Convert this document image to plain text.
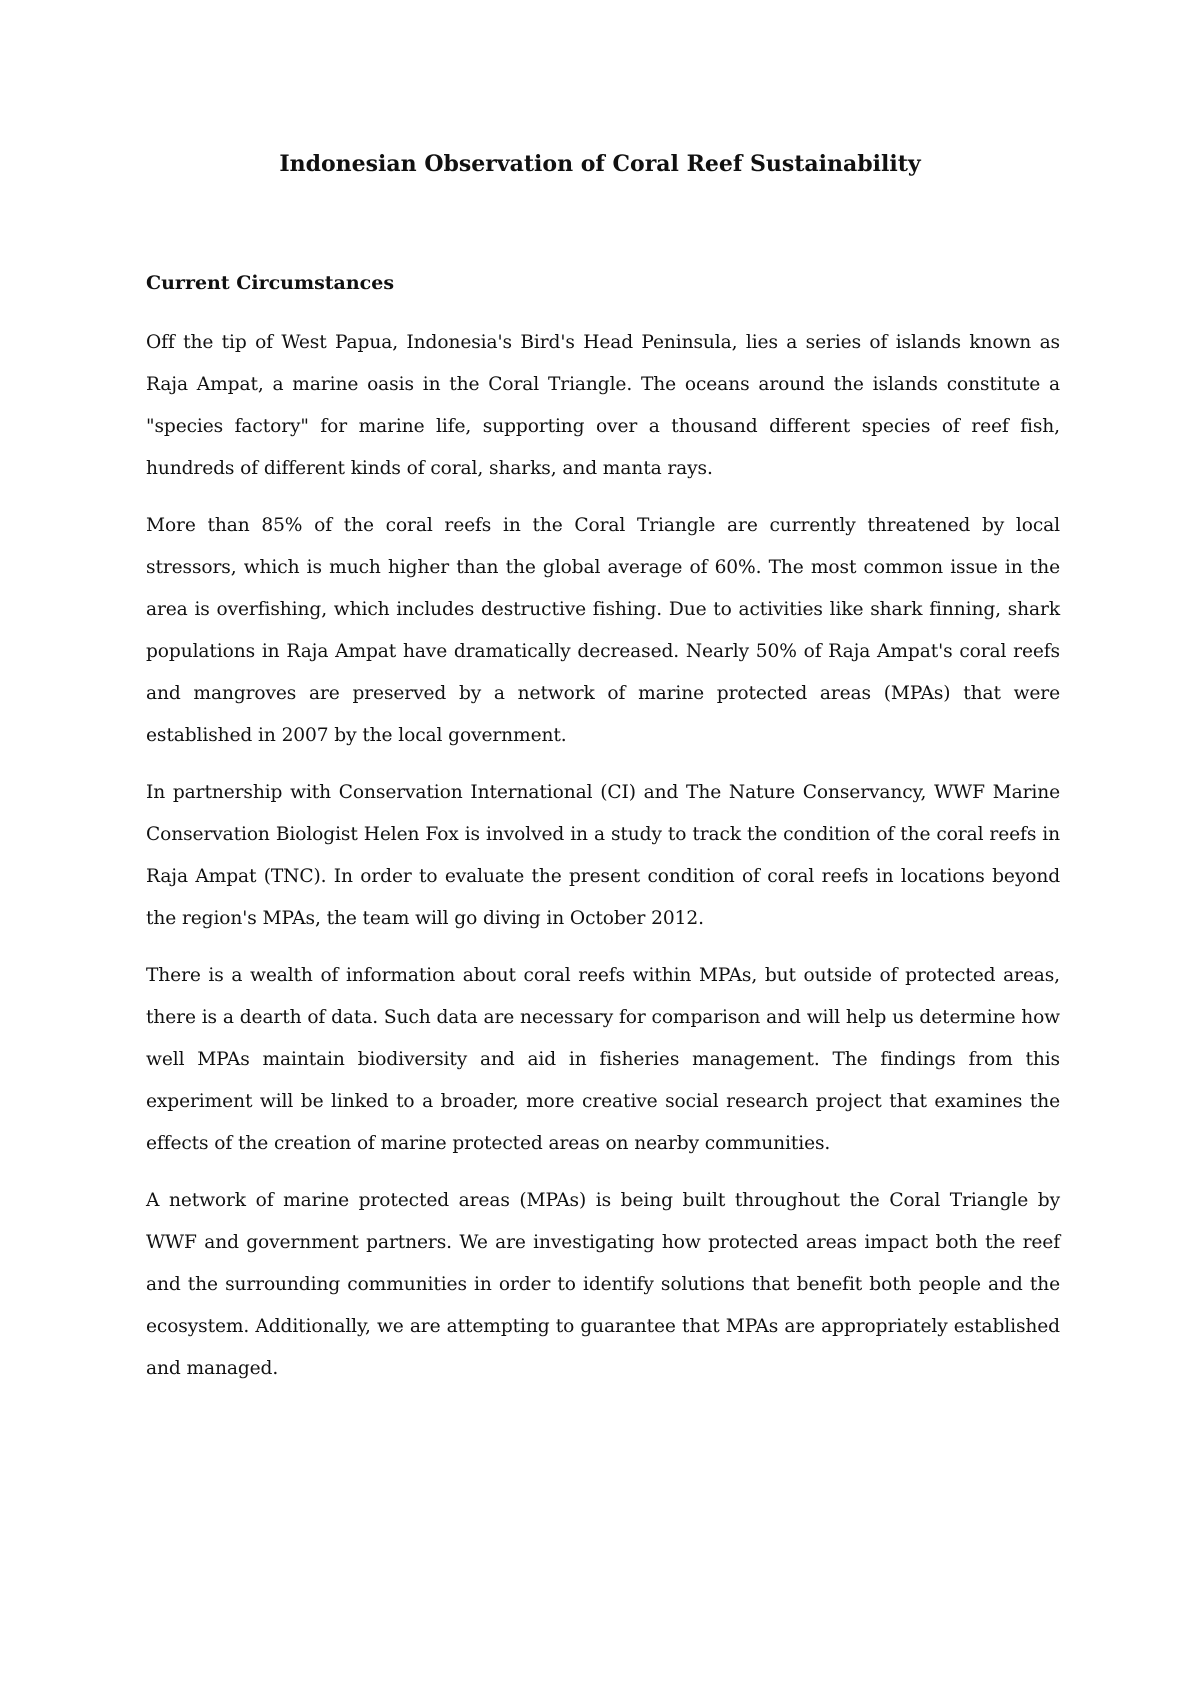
Indonesian Observation of Coral Reef Sustainability
Current Circumstances

Off the tip of West Papua, Indonesia's Bird's Head Peninsula, lies a series of islands known as Raja Ampat, a marine oasis in the Coral Triangle. The oceans around the islands constitute a "species factory" for marine life, supporting over a thousand different species of reef fish, hundreds of different kinds of coral, sharks, and manta rays.

More than 85% of the coral reefs in the Coral Triangle are currently threatened by local stressors, which is much higher than the global average of 60%. The most common issue in the area is overfishing, which includes destructive fishing. Due to activities like shark finning, shark populations in Raja Ampat have dramatically decreased. Nearly 50% of Raja Ampat's coral reefs and mangroves are preserved by a network of marine protected areas (MPAs) that were established in 2007 by the local government.

In partnership with Conservation International (CI) and The Nature Conservancy, WWF Marine Conservation Biologist Helen Fox is involved in a study to track the condition of the coral reefs in Raja Ampat (TNC). In order to evaluate the present condition of coral reefs in locations beyond the region's MPAs, the team will go diving in October 2012.

There is a wealth of information about coral reefs within MPAs, but outside of protected areas, there is a dearth of data. Such data are necessary for comparison and will help us determine how well MPAs maintain biodiversity and aid in fisheries management. The findings from this experiment will be linked to a broader, more creative social research project that examines the effects of the creation of marine protected areas on nearby communities.

A network of marine protected areas (MPAs) is being built throughout the Coral Triangle by WWF and government partners. We are investigating how protected areas impact both the reef and the surrounding communities in order to identify solutions that benefit both people and the ecosystem. Additionally, we are attempting to guarantee that MPAs are appropriately established and managed.
